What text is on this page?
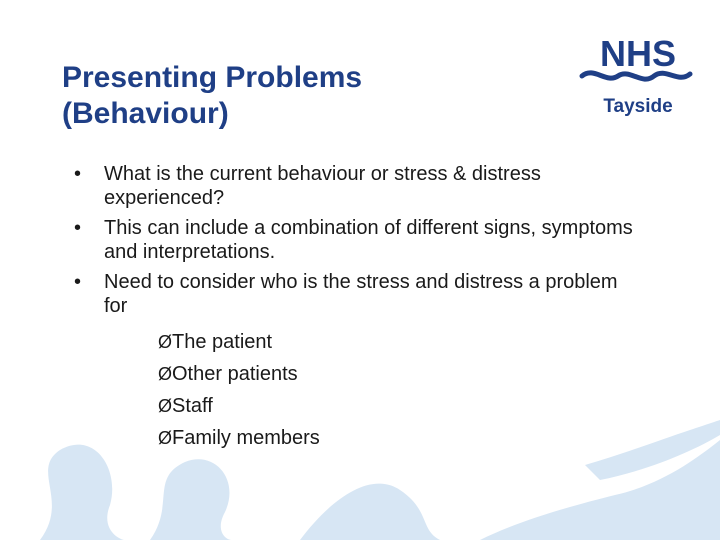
Presenting Problems
(Behaviour)
NHS
Tayside
•	What is the current behaviour or stress & distress experienced?
•	This can include a combination of different signs, symptoms and interpretations.
•	Need to consider who is the stress and distress a problem for
Ø The patient
Ø Other patients
Ø Staff
Ø Family members
